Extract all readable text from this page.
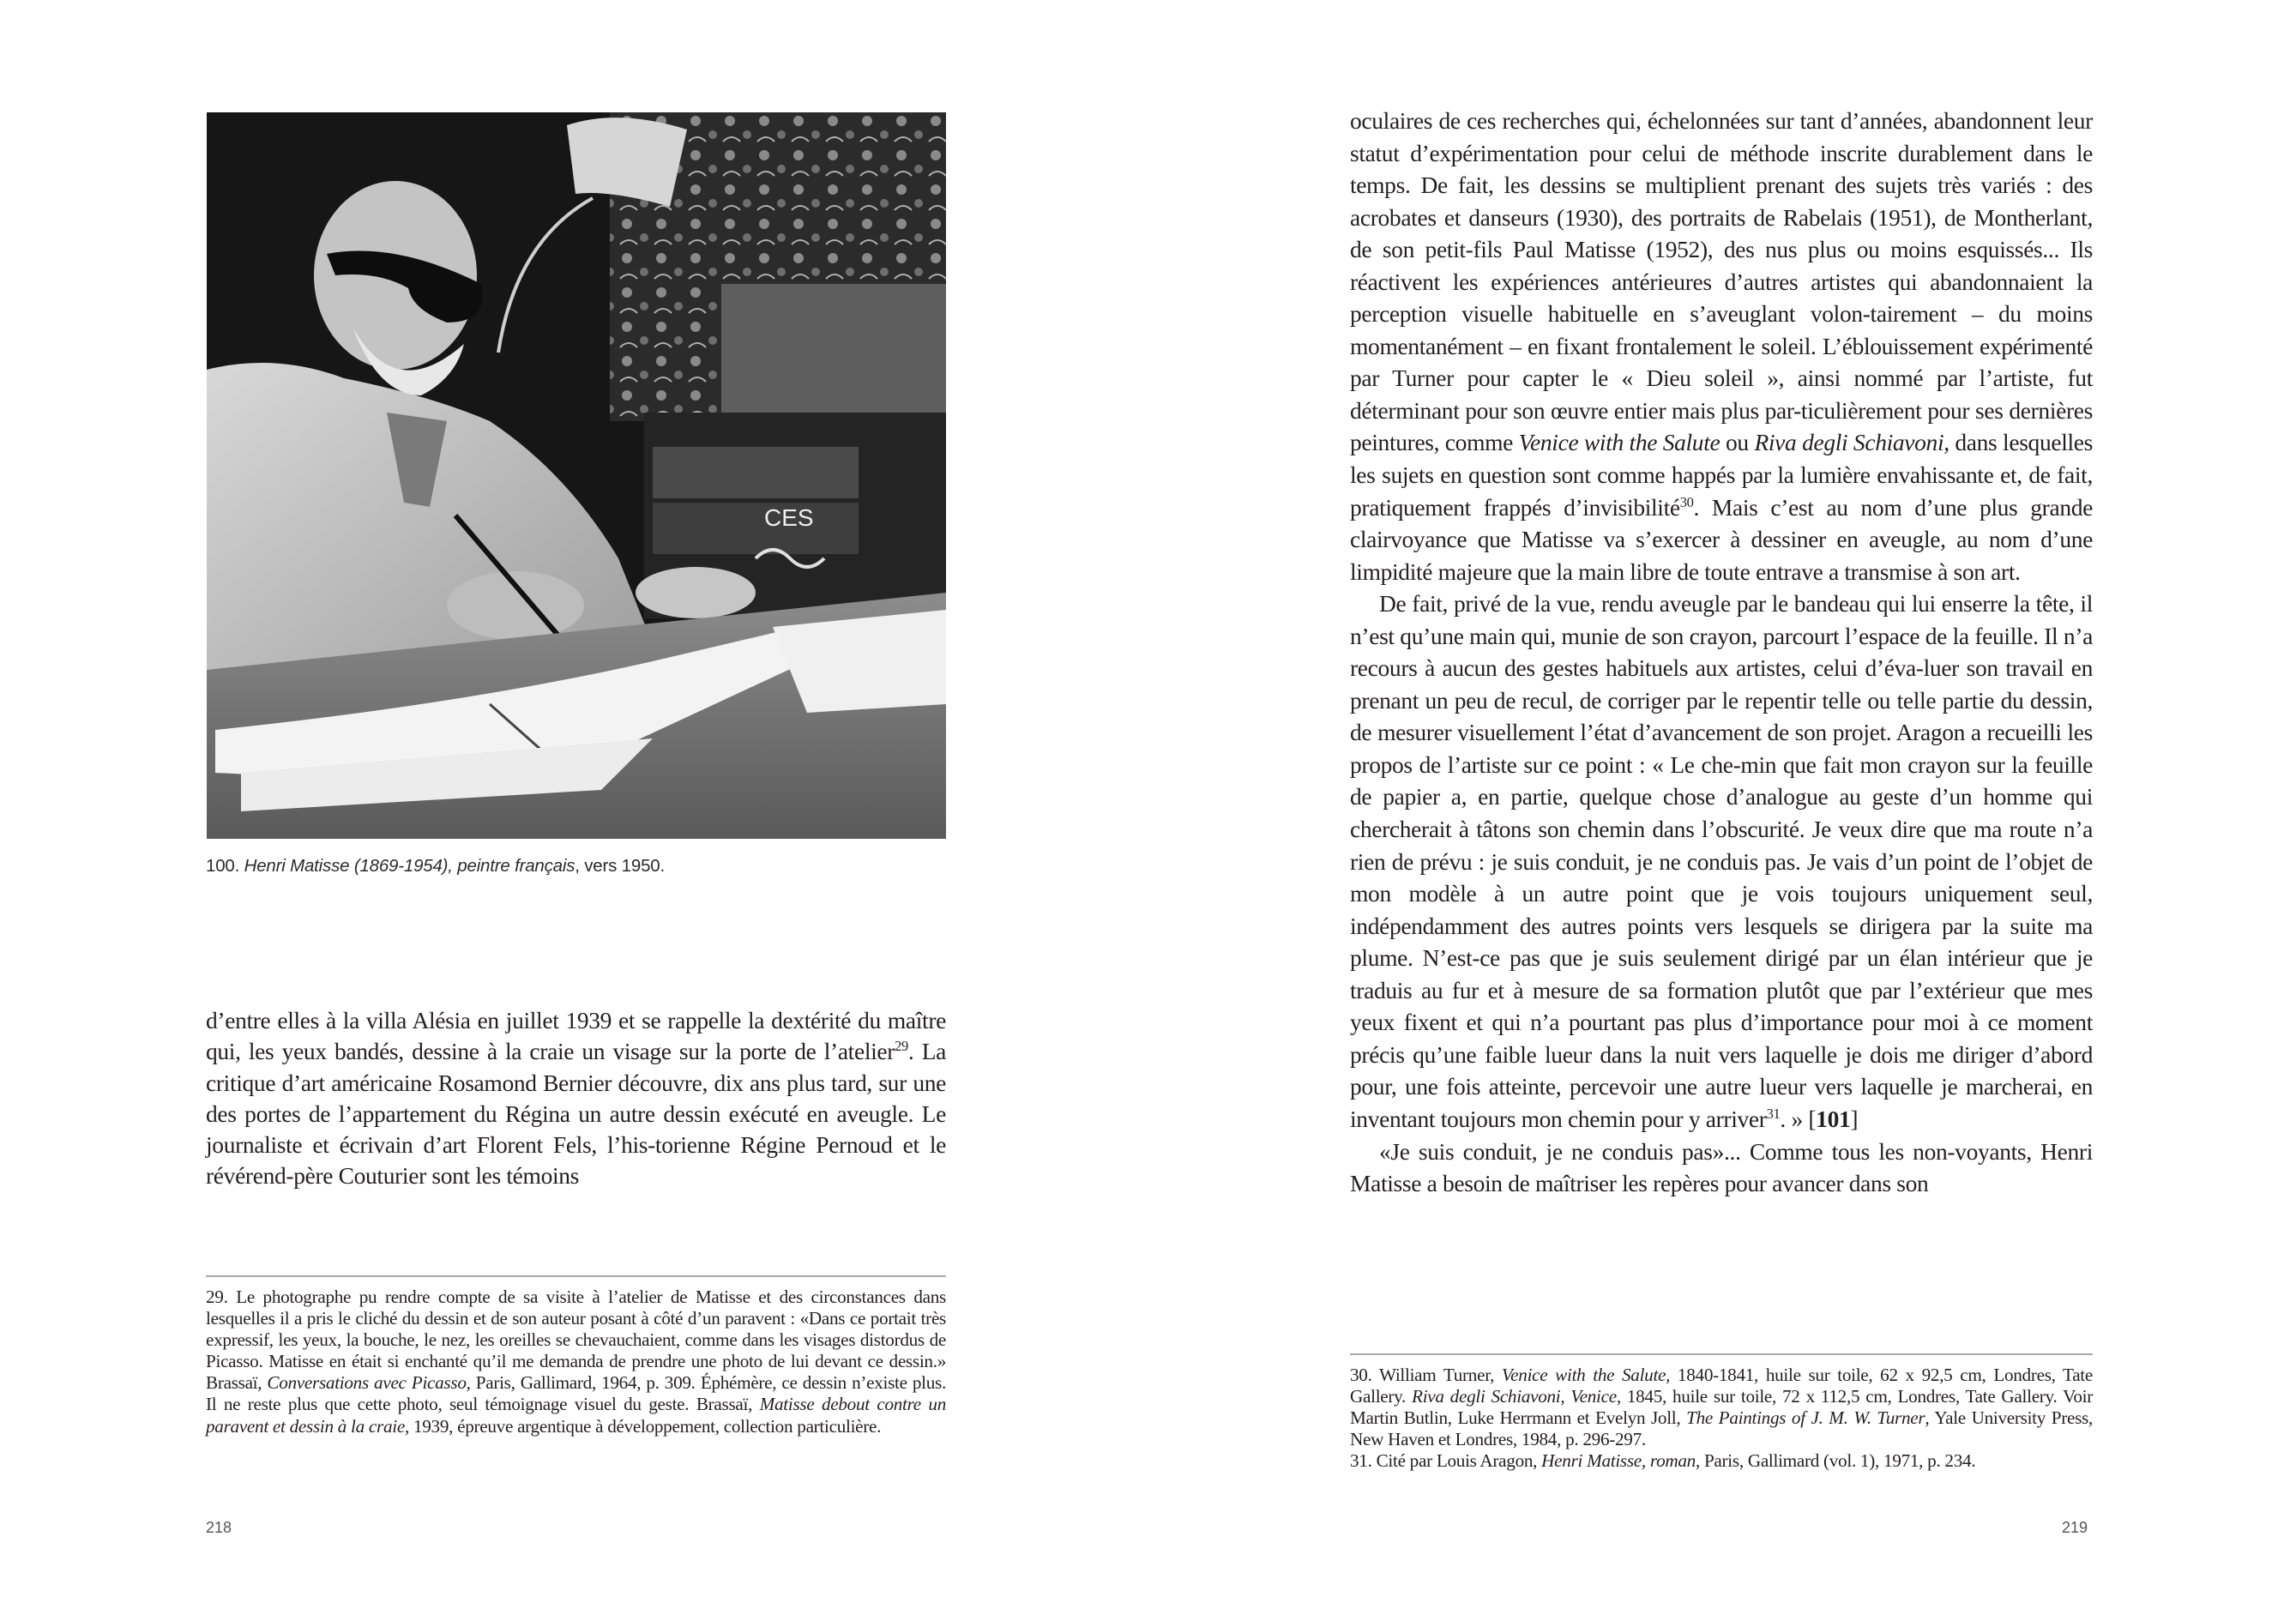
CES
100. Henri Matisse (1869-1954), peintre français, vers 1950.

d’entre elles à la villa Alésia en juillet 1939 et se rappelle la dextérité du maître qui, les yeux bandés, dessine à la craie un visage sur la porte de l’atelier$^{29}$. La critique d’art américaine Rosamond Bernier découvre, dix ans plus tard, sur une des portes de l’appartement du Régina un autre dessin exécuté en aveugle. Le journaliste et écrivain d’art Florent Fels, l’his-torienne Régine Pernoud et le révérend-père Couturier sont les témoins

29. Le photographe pu rendre compte de sa visite à l’atelier de Matisse et des circonstances dans lesquelles il a pris le cliché du dessin et de son auteur posant à côté d’un paravent : «Dans ce portait très expressif, les yeux, la bouche, le nez, les oreilles se chevauchaient, comme dans les visages distordus de Picasso. Matisse en était si enchanté qu’il me demanda de prendre une photo de lui devant ce dessin.» Brassaï, Conversations avec Picasso, Paris, Gallimard, 1964, p. 309. Éphémère, ce dessin n’existe plus. Il ne reste plus que cette photo, seul témoignage visuel du geste. Brassaï, Matisse debout contre un paravent et dessin à la craie, 1939, épreuve argentique à développement, collection particulière.

218

oculaires de ces recherches qui, échelonnées sur tant d’années, abandonnent leur statut d’expérimentation pour celui de méthode inscrite durablement dans le temps. De fait, les dessins se multiplient prenant des sujets très variés : des acrobates et danseurs (1930), des portraits de Rabelais (1951), de Montherlant, de son petit-fils Paul Matisse (1952), des nus plus ou moins esquissés... Ils réactivent les expériences antérieures d’autres artistes qui abandonnaient la perception visuelle habituelle en s’aveuglant volon-tairement – du moins momentanément – en fixant frontalement le soleil. L’éblouissement expérimenté par Turner pour capter le « Dieu soleil », ainsi nommé par l’artiste, fut déterminant pour son œuvre entier mais plus par-ticulièrement pour ses dernières peintures, comme Venice with the Salute ou Riva degli Schiavoni, dans lesquelles les sujets en question sont comme happés par la lumière envahissante et, de fait, pratiquement frappés d’invisibilité$^{30}$. Mais c’est au nom d’une plus grande clairvoyance que Matisse va s’exercer à dessiner en aveugle, au nom d’une limpidité majeure que la main libre de toute entrave a transmise à son art.

De fait, privé de la vue, rendu aveugle par le bandeau qui lui enserre la tête, il n’est qu’une main qui, munie de son crayon, parcourt l’espace de la feuille. Il n’a recours à aucun des gestes habituels aux artistes, celui d’éva-luer son travail en prenant un peu de recul, de corriger par le repentir telle ou telle partie du dessin, de mesurer visuellement l’état d’avancement de son projet. Aragon a recueilli les propos de l’artiste sur ce point : « Le che-min que fait mon crayon sur la feuille de papier a, en partie, quelque chose d’analogue au geste d’un homme qui chercherait à tâtons son chemin dans l’obscurité. Je veux dire que ma route n’a rien de prévu : je suis conduit, je ne conduis pas. Je vais d’un point de l’objet de mon modèle à un autre point que je vois toujours uniquement seul, indépendamment des autres points vers lesquels se dirigera par la suite ma plume. N’est-ce pas que je suis seulement dirigé par un élan intérieur que je traduis au fur et à mesure de sa formation plutôt que par l’extérieur que mes yeux fixent et qui n’a pourtant pas plus d’importance pour moi à ce moment précis qu’une faible lueur dans la nuit vers laquelle je dois me diriger d’abord pour, une fois atteinte, percevoir une autre lueur vers laquelle je marcherai, en inventant toujours mon chemin pour y arriver$^{31}$. » [101]

«Je suis conduit, je ne conduis pas»... Comme tous les non-voyants, Henri Matisse a besoin de maîtriser les repères pour avancer dans son

30. William Turner, Venice with the Salute, 1840-1841, huile sur toile, 62 x 92,5 cm, Londres, Tate Gallery. Riva degli Schiavoni, Venice, 1845, huile sur toile, 72 x 112,5 cm, Londres, Tate Gallery. Voir Martin Butlin, Luke Herrmann et Evelyn Joll, The Paintings of J. M. W. Turner, Yale University Press, New Haven et Londres, 1984, p. 296-297.

31. Cité par Louis Aragon, Henri Matisse, roman, Paris, Gallimard (vol. 1), 1971, p. 234.

219
